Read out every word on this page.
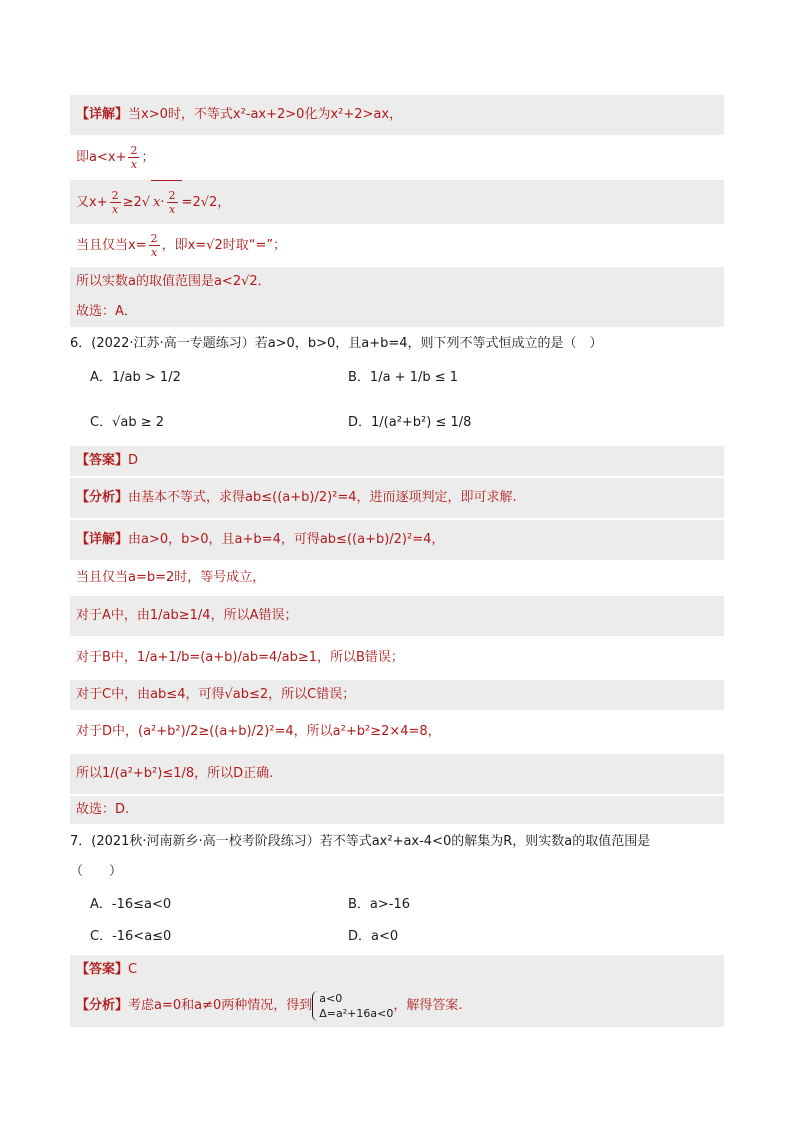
【详解】当x>0时，不等式x²-ax+2>0化为x²+2>ax，
即$a<x+ \frac{2}{x}$ ；
又$x+ \frac{2}{x} \ge 2√$ $x\cdot \frac{2}{x} =2√2$，
当且仅当$x= \frac{2}{x}$ ，即x=√2时取“=”；
所以实数a的取值范围是a<2√2．
故选：A．
6．(2022·江苏·高一专题练习）若a>0，b>0，且a+b=4，则下列不等式恒成立的是（　）
A．1/ab > 1/2	B．1/a + 1/b ≤ 1
C．√ab ≥ 2	D．1/(a²+b²) ≤ 1/8
【答案】D
【分析】由基本不等式，求得ab≤((a+b)/2)²=4，进而逐项判定，即可求解.
【详解】由a>0，b>0，且a+b=4，可得ab≤((a+b)/2)²=4，
当且仅当a=b=2时，等号成立，
对于A中，由1/ab≥1/4，所以A错误；
对于B中，1/a+1/b=(a+b)/ab=4/ab≥1，所以B错误；
对于C中，由ab≤4，可得√ab≤2，所以C错误；
对于D中，(a²+b²)/2≥((a+b)/2)²=4，所以a²+b²≥2×4=8，
所以1/(a²+b²)≤1/8，所以D正确.
故选：D.
7．(2021秋·河南新乡·高一校考阶段练习）若不等式ax²+ax-4<0的解集为R，则实数a的取值范围是
（　　）
A．-16≤a<0	B．a>-16
C．-16<a≤0	D．a<0
【答案】C
【分析】考虑a=0和a≠0两种情况，得到 a<0
Δ=a²+16a<0 ，解得答案.
